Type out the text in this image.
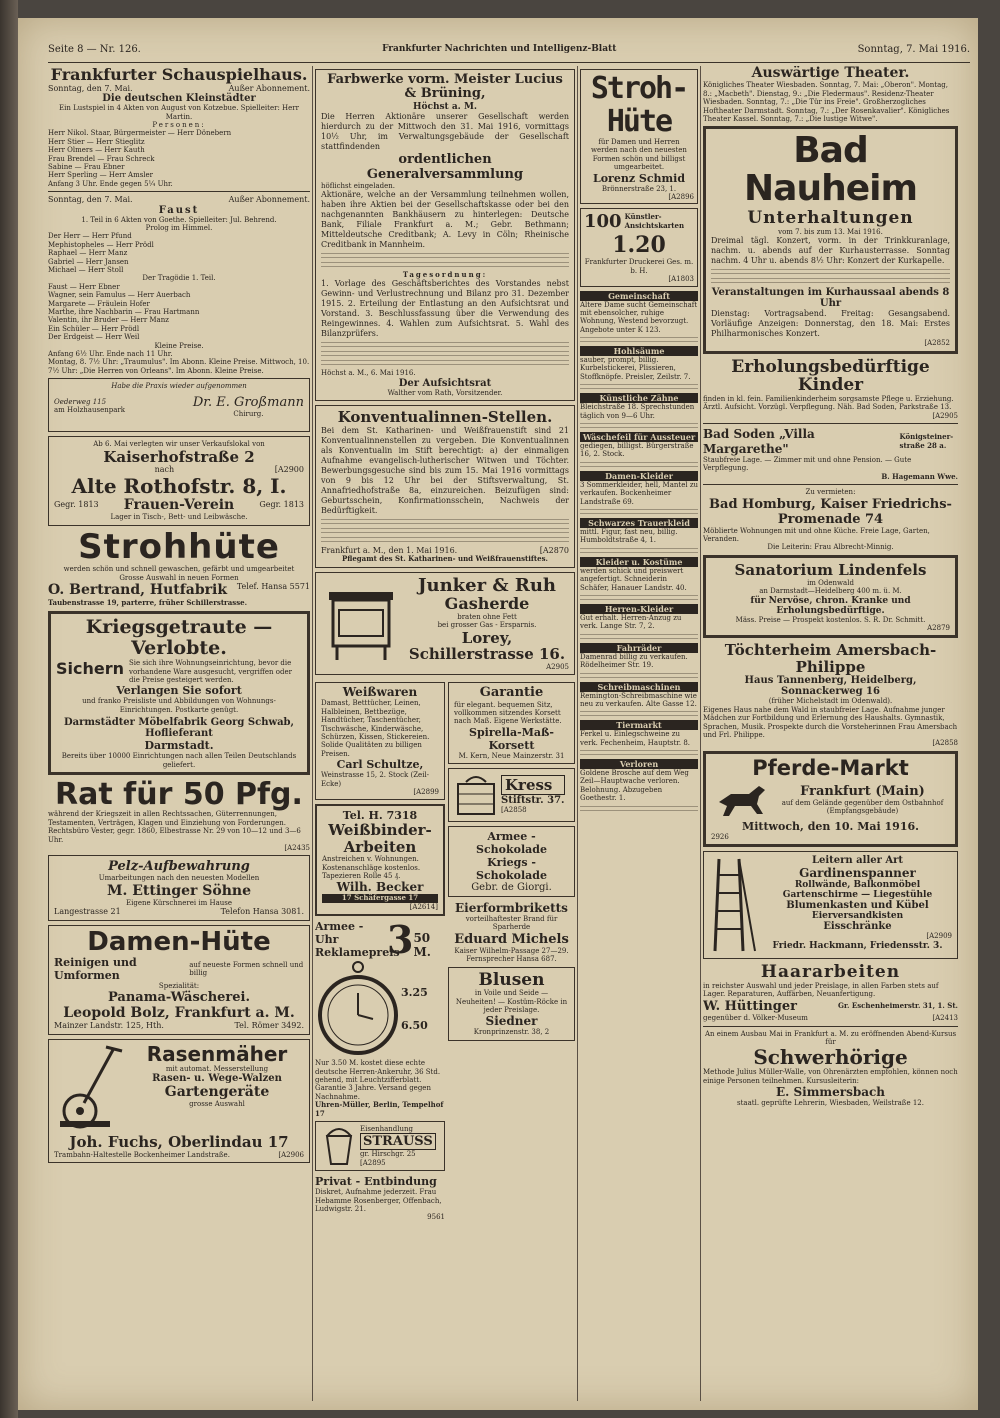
Seite 8 — Nr. 126.	Frankfurter Nachrichten und Intelligenz-Blatt	Sonntag, 7. Mai 1916.
Frankfurter Schauspielhaus.
Sonntag, den 7. Mai.	Außer Abonnement.
Die deutschen Kleinstädter
Ein Lustspiel in 4 Akten von August von Kotzebue. Spielleiter: Herr Martin.
Personen:
Herr Nikol. Staar, Bürgermeister — Herr Dönebern
Herr Stier — Herr Stieglitz
Herr Olmers — Herr Kauth
Frau Brendel — Frau Schreck
Sabine — Frau Ebner
Herr Sperling — Herr Amsler
Anfang 3 Uhr. Ende gegen 5¼ Uhr.
Sonntag, den 7. Mai.	Außer Abonnement.
Faust
1. Teil in 6 Akten von Goethe. Spielleiter: Jul. Behrend.
Prolog im Himmel.
Der Herr — Herr Pfund
Mephistopheles — Herr Prödl
Raphael — Herr Manz
Gabriel — Herr Jansen
Michael — Herr Stoll
Der Tragödie 1. Teil.
Faust — Herr Ebner
Wagner, sein Famulus — Herr Auerbach
Margarete — Fräulein Hofer
Marthe, ihre Nachbarin — Frau Hartmann
Valentin, ihr Bruder — Herr Manz
Ein Schüler — Herr Prödl
Der Erdgeist — Herr Weil
Kleine Preise.
Anfang 6½ Uhr. Ende nach 11 Uhr.
Montag, 8. 7½ Uhr: „Traumulus". Im Abonn. Kleine Preise. Mittwoch, 10. 7½ Uhr: „Die Herren von Orleans". Im Abonn. Kleine Preise.
Habe die Praxis wieder aufgenommen
Oederweg 115
am Holzhausenpark
Dr. E. Großmann
Chirurg.
Ab 6. Mai verlegten wir unser Verkaufslokal von
Kaiserhofstraße 2
nach	[A2900
Alte Rothofstr. 8, I.
Gegr. 1813 Frauen-Verein	Gegr. 1813
Lager in Tisch-, Bett- und Leibwäsche.
Strohhüte
werden schön und schnell gewaschen, gefärbt und umgearbeitet
Grosse Auswahl in neuen Formen
O. Bertrand, Hutfabrik Telef. Hansa 5571
Taubenstrasse 19, parterre, früher Schillerstrasse.
Kriegsgetraute — Verlobte.
Sichern Sie sich ihre Wohnungseinrichtung, bevor die vorhandene Ware ausgesucht, vergriffen oder die Preise gesteigert werden.
Verlangen Sie sofort
und franko Preisliste und Abbildungen von Wohnungs-Einrichtungen. Postkarte genügt.
Darmstädter Möbelfabrik Georg Schwab, Hoflieferant
Darmstadt.
Bereits über 10000 Einrichtungen nach allen Teilen Deutschlands geliefert.
Rat für 50 Pfg.
während der Kriegszeit in allen Rechtssachen, Güterrennungen, Testamenten, Verträgen, Klagen und Einziehung von Forderungen. Rechtsbüro Vester, gegr. 1860, Elbestrasse Nr. 29 von 10—12 und 3—6 Uhr.
[A2435
Pelz-Aufbewahrung
Umarbeitungen nach den neuesten Modellen
M. Ettinger Söhne
Eigene Kürschnerei im Hause
Langestrasse 21	Telefon Hansa 3081.
Damen-Hüte
Reinigen und Umformen
auf neueste Formen schnell und billig
Spezialität:
Panama-Wäscherei.
Leopold Bolz, Frankfurt a. M.
Mainzer Landstr. 125, Hth.	Tel. Römer 3492.
Rasenmäher
mit automat. Messerstellung
Rasen- u. Wege-Walzen
Gartengeräte
grosse Auswahl
Joh. Fuchs, Oberlindau 17
Trambahn-Haltestelle Bockenheimer Landstraße.	[A2906
Farbwerke vorm. Meister Lucius & Brüning,
Höchst a. M.
Die Herren Aktionäre unserer Gesellschaft werden hierdurch zu der Mittwoch den 31. Mai 1916, vormittags 10½ Uhr, im Verwaltungsgebäude der Gesellschaft stattfindenden
ordentlichen Generalversammlung
höflichst eingeladen.
Aktionäre, welche an der Versammlung teilnehmen wollen, haben ihre Aktien bei der Gesellschaftskasse oder bei den nachgenannten Bankhäusern zu hinterlegen: Deutsche Bank, Filiale Frankfurt a. M.; Gebr. Bethmann; Mitteldeutsche Creditbank; A. Levy in Cöln; Rheinische Creditbank in Mannheim.
Tagesordnung:
1. Vorlage des Geschäftsberichtes des Vorstandes nebst Gewinn- und Verlustrechnung und Bilanz pro 31. Dezember 1915. 2. Erteilung der Entlastung an den Aufsichtsrat und Vorstand. 3. Beschlussfassung über die Verwendung des Reingewinnes. 4. Wahlen zum Aufsichtsrat. 5. Wahl des Bilanzprüfers.
Höchst a. M., 6. Mai 1916.
Der Aufsichtsrat
Walther vom Rath, Vorsitzender.
Konventualinnen-Stellen.
Bei dem St. Katharinen- und Weißfrauenstift sind 21 Konventualinnenstellen zu vergeben. Die Konventualinnen als Konventualin im Stift berechtigt: a) der einmaligen Aufnahme evangelisch-lutherischer Witwen und Töchter. Bewerbungsgesuche sind bis zum 15. Mai 1916 vormittags von 9 bis 12 Uhr bei der Stiftsverwaltung, St. Annafriedhofstraße 8a, einzureichen. Beizufügen sind: Geburtsschein, Konfirmationsschein, Nachweis der Bedürftigkeit.
Frankfurt a. M., den 1. Mai 1916.	[A2870
Pflegamt des St. Katharinen- und Weißfrauenstiftes.
Junker & Ruh
Gasherde
braten ohne Fett
bei grosser Gas - Ersparnis.
Lorey, Schillerstrasse 16.
A2905
Weißwaren
Damast, Betttücher, Leinen, Halbleinen, Bettbezüge, Handtücher, Taschentücher, Tischwäsche, Kinderwäsche, Schürzen, Kissen, Stickereien. Solide Qualitäten zu billigen Preisen.
Carl Schultze,
Weinstrasse 15, 2. Stock (Zeil-Ecke)
[A2899
Tel. H. 7318
Weißbinder-Arbeiten
Anstreichen v. Wohnungen. Kostenanschläge kostenlos. Tapezieren Rolle 45 ₰.
Wilh. Becker
17 Schäfergasse 17
[A2614]
Armee - Uhr Reklamepreis
3 50
M.
3.25
6.50
Nur 3.50 M. kostet diese echte deutsche Herren-Ankeruhr, 36 Std. gehend, mit Leuchtzifferblatt. Garantie 3 Jahre. Versand gegen Nachnahme.
Uhren-Müller, Berlin, Tempelhof 17
Eisenhandlung
STRAUSS
gr. Hirschgr. 25
[A2895
Privat - Entbindung
Diskret, Aufnahme jederzeit. Frau Hebamme Rosenberger, Offenbach, Ludwigstr. 21.
9561
Garantie
für elegant. bequemen Sitz, vollkommen sitzendes Korsett nach Maß. Eigene Werkstätte.
Spirella-Maß-Korsett
M. Kern, Neue Mainzerstr. 31
Kress
Stiftstr. 37.
[A2858
Armee - Schokolade
Kriegs - Schokolade
Gebr. de Giorgi.
Eierformbriketts
vorteilhaftester Brand für Sparherde
Eduard Michels
Kaiser Wilhelm-Passage 27—29.
Fernsprecher Hansa 687.
Blusen
in Voile und Seide — Neuheiten! — Kostüm-Röcke in jeder Preislage.
Siedner
Kronprinzenstr. 38, 2
Stroh-Hüte
für Damen und Herren werden nach den neuesten Formen schön und billigst umgearbeitet.
Lorenz Schmid
Brönnerstraße 23, 1.
[A2896
100 Künstler-Ansichtskarten
1.20
Frankfurter Druckerei Ges. m. b. H.
[A1803
Gemeinschaft
Ältere Dame sucht Gemeinschaft mit ebensolcher, ruhige Wohnung, Westend bevorzugt. Angebote unter K 123.
Hohlsäume
sauber, prompt, billig. Kurbelstickerei, Plissieren, Stoffknöpfe. Preisler, Zeilstr. 7.
Künstliche Zähne
Bleichstraße 18. Sprechstunden täglich von 9—6 Uhr.
Wäschefeil für Aussteuer
gediegen, billigst. Bürgerstraße 16, 2. Stock.
Damen-Kleider
3 Sommerkleider, hell, Mantel zu verkaufen. Bockenheimer Landstraße 69.
Schwarzes Trauerkleid
mittl. Figur, fast neu, billig. Humboldtstraße 4, 1.
Kleider u. Kostüme
werden schick und preiswert angefertigt. Schneiderin Schäfer, Hanauer Landstr. 40.
Herren-Kleider
Gut erhalt. Herren-Anzug zu verk. Lange Str. 7, 2.
Fahrräder
Damenrad billig zu verkaufen. Rödelheimer Str. 19.
Schreibmaschinen
Remington-Schreibmaschine wie neu zu verkaufen. Alte Gasse 12.
Tiermarkt
Ferkel u. Einlegschweine zu verk. Fechenheim, Hauptstr. 8.
Verloren
Goldene Brosche auf dem Weg Zeil—Hauptwache verloren. Belohnung. Abzugeben Goethestr. 1.
Auswärtige Theater.
Königliches Theater Wiesbaden. Sonntag, 7. Mai: „Oberon". Montag, 8.: „Macbeth". Dienstag, 9.: „Die Fledermaus". Residenz-Theater Wiesbaden. Sonntag, 7.: „Die Tür ins Freie". Großherzogliches Hoftheater Darmstadt. Sonntag, 7.: „Der Rosenkavalier". Königliches Theater Kassel. Sonntag, 7.: „Die lustige Witwe".
Bad Nauheim
Unterhaltungen
vom 7. bis zum 13. Mai 1916.
Dreimal tägl. Konzert, vorm. in der Trinkkuranlage, nachm. u. abends auf der Kurhausterrasse. Sonntag nachm. 4 Uhr u. abends 8½ Uhr: Konzert der Kurkapelle.
Veranstaltungen im Kurhaussaal abends 8 Uhr
Dienstag: Vortragsabend. Freitag: Gesangsabend. Vorläufige Anzeigen: Donnerstag, den 18. Mai: Erstes Philharmonisches Konzert.
[A2852
Erholungsbedürftige Kinder
finden in kl. fein. Familienkinderheim sorgsamste Pflege u. Erziehung. Ärztl. Aufsicht. Vorzügl. Verpflegung. Näh. Bad Soden, Parkstraße 13.
[A2905
Bad Soden „Villa Margarethe"
Königsteiner-straße 28 a.
Staubfreie Lage. — Zimmer mit und ohne Pension. — Gute Verpflegung.
B. Hagemann Wwe.
Zu vermieten:
Bad Homburg, Kaiser Friedrichs-Promenade 74
Möblierte Wohnungen mit und ohne Küche. Freie Lage, Garten, Veranden.
Die Leiterin: Frau Albrecht-Minnig.
Sanatorium Lindenfels
im Odenwald
an Darmstadt—Heidelberg 400 m. ü. M.
für Nervöse, chron. Kranke und Erholungsbedürftige.
Mäss. Preise — Prospekt kostenlos. S. R. Dr. Schmitt.
A2879
Töchterheim Amersbach-Philippe
Haus Tannenberg, Heidelberg, Sonnackerweg 16
(früher Michelstadt im Odenwald).
Eigenes Haus nahe dem Wald in staubfreier Lage. Aufnahme junger Mädchen zur Fortbildung und Erlernung des Haushalts. Gymnastik, Sprachen, Musik. Prospekte durch die Vorsteherinnen Frau Amersbach und Frl. Philippe.
[A2858
Pferde-Markt
Frankfurt (Main)
auf dem Gelände gegenüber dem Ostbahnhof (Empfangsgebäude)
Mittwoch, den 10. Mai 1916.
2926
Leitern aller Art
Gardinenspanner
Rollwände, Balkonmöbel
Gartenschirme — Liegestühle
Blumenkasten und Kübel
Eierversandkisten
Eisschränke
[A2909
Friedr. Hackmann, Friedensstr. 3.
Haararbeiten
in reichster Auswahl und jeder Preislage, in allen Farben stets auf Lager. Reparaturen, Auffärben, Neuanfertigung.
W. Hüttinger	Gr. Eschenheimerstr. 31, 1. St.
gegenüber d. Völker-Museum	[A2413
An einem Ausbau Mai in Frankfurt a. M. zu eröffnenden Abend-Kursus für
Schwerhörige
Methode Julius Müller-Walle, von Ohrenärzten empfohlen, können noch einige Personen teilnehmen. Kursusleiterin:
E. Simmersbach
staatl. geprüfte Lehrerin, Wiesbaden, Weilstraße 12.
